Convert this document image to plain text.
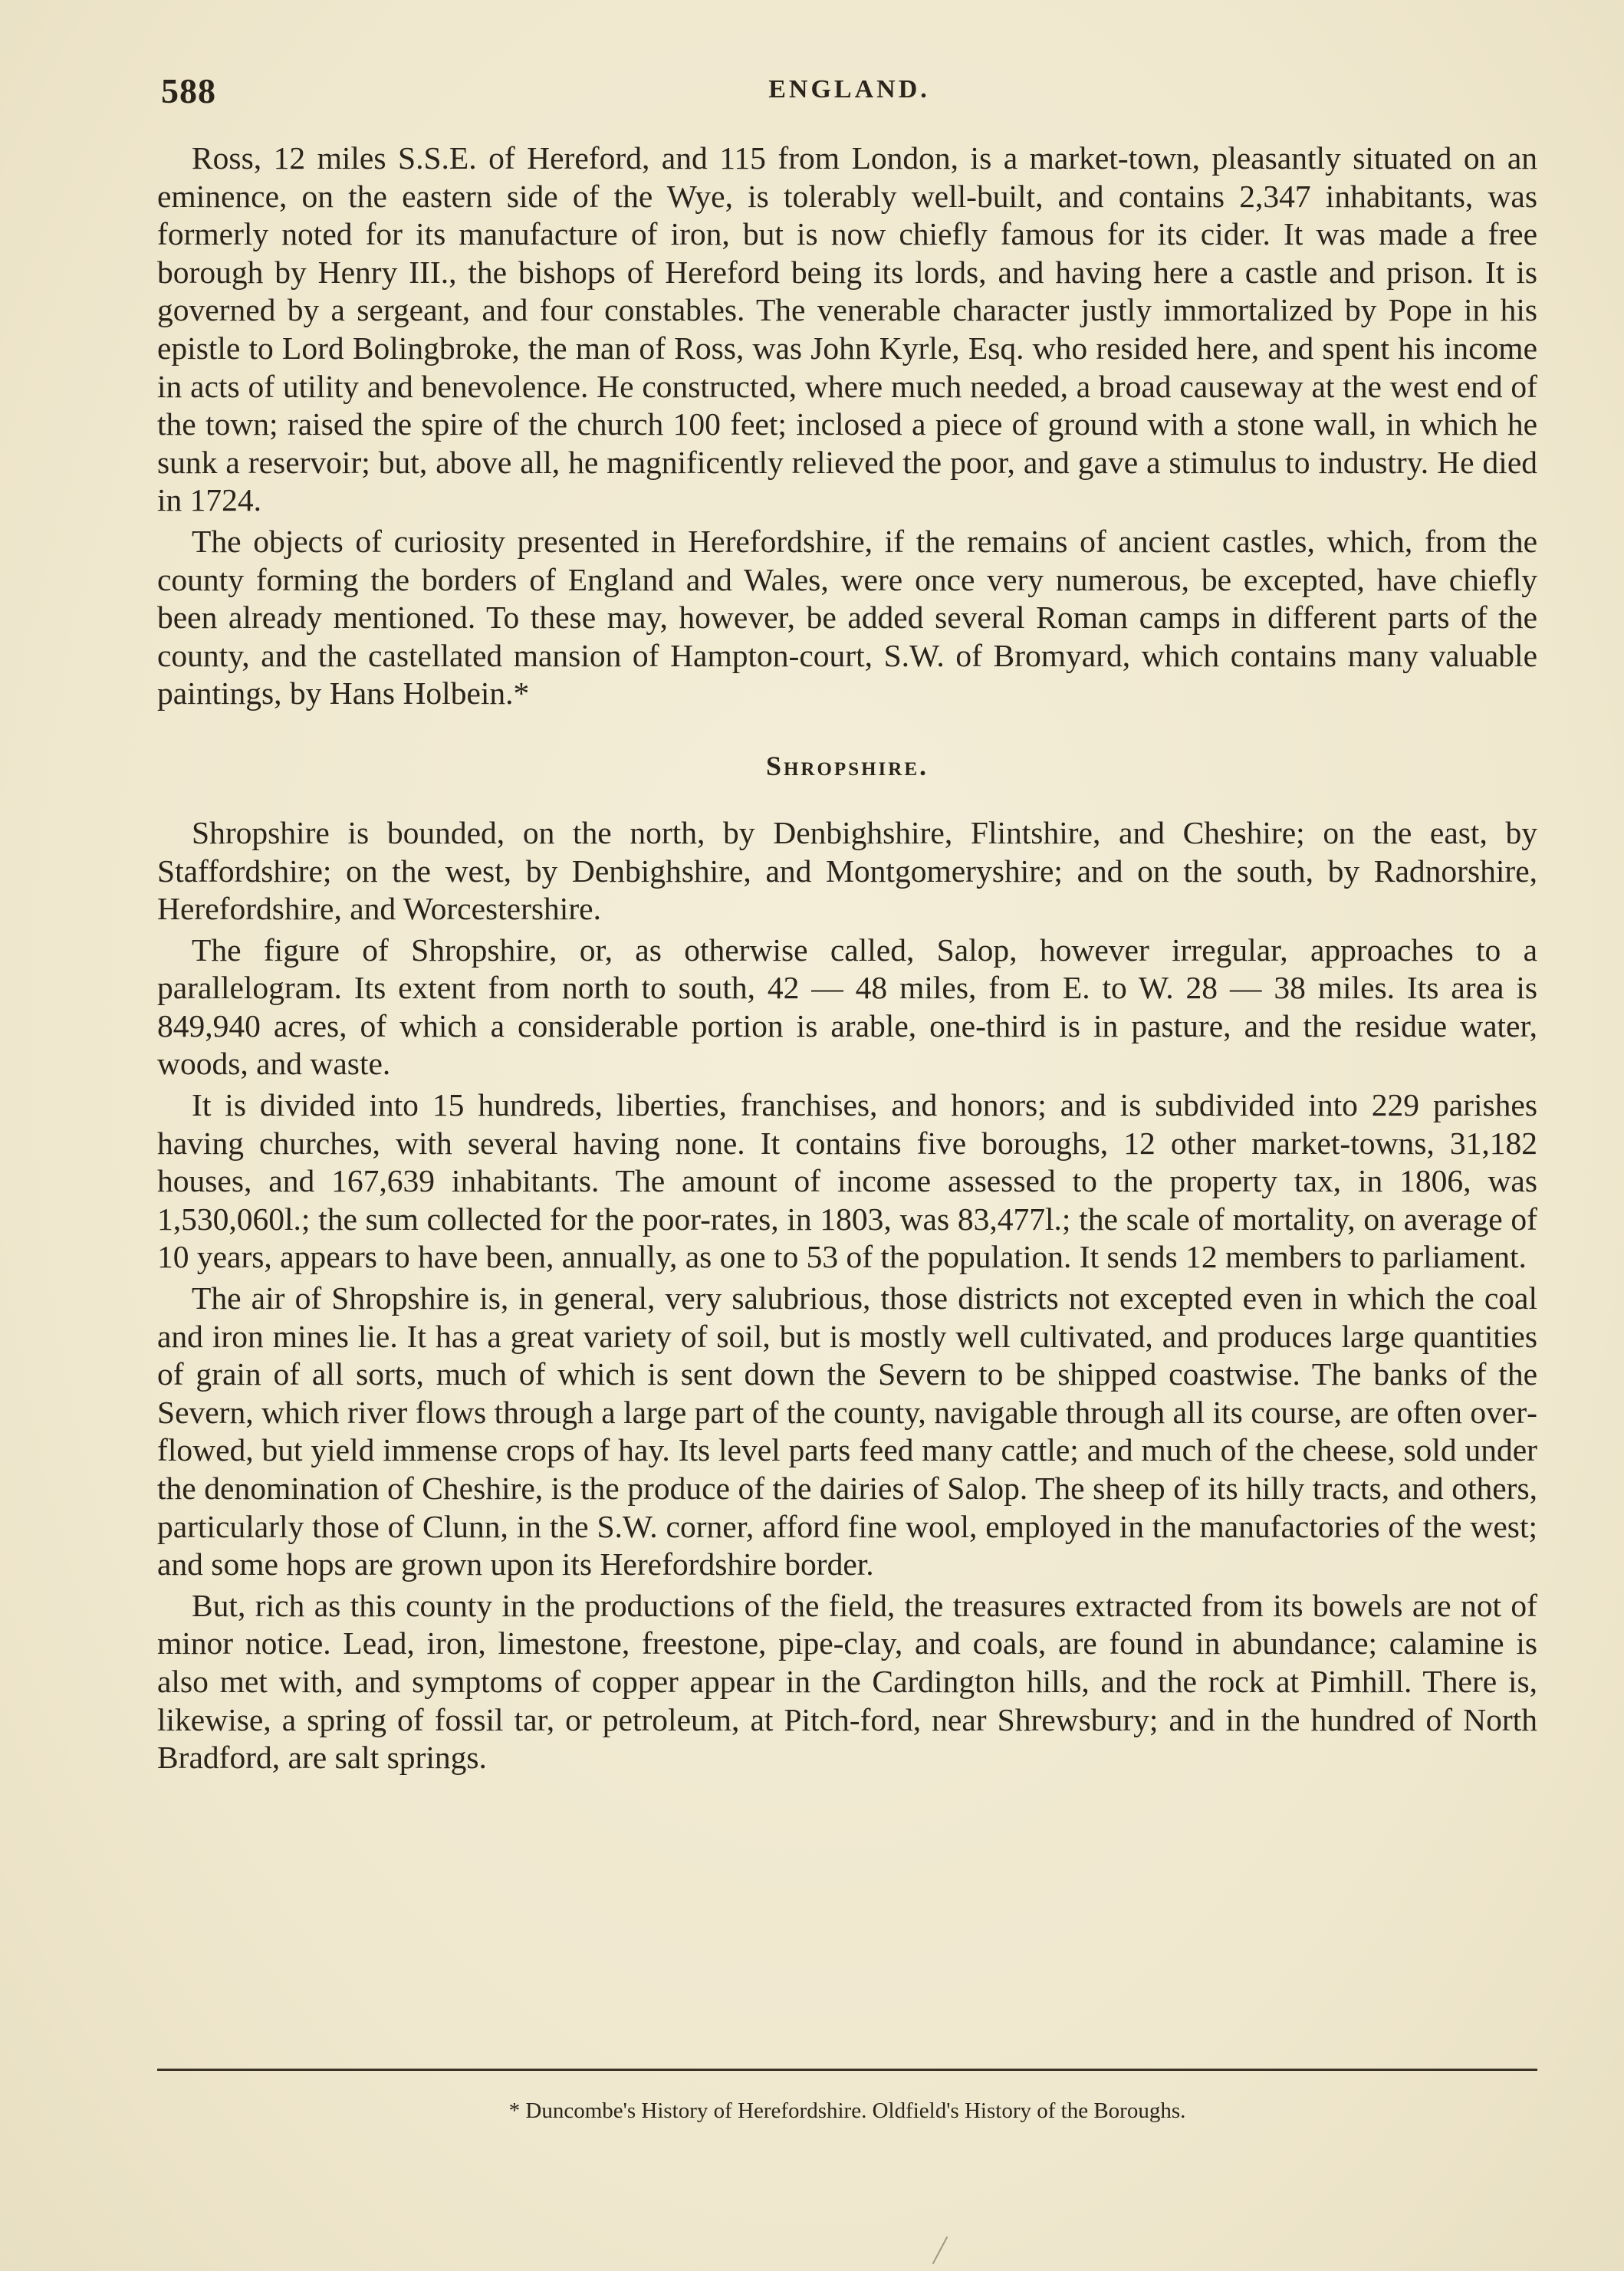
588	ENGLAND.

Ross, 12 miles S.S.E. of Hereford, and 115 from London, is a market-town, pleasantly situated on an eminence, on the eastern side of the Wye, is tolerably well-built, and contains 2,347 inhabitants, was formerly noted for its manufacture of iron, but is now chiefly famous for its cider. It was made a free borough by Henry III., the bishops of Hereford being its lords, and having here a castle and prison. It is governed by a sergeant, and four constables. The venerable character justly immortalized by Pope in his epistle to Lord Bolingbroke, the man of Ross, was John Kyrle, Esq. who resided here, and spent his income in acts of utility and benevolence. He constructed, where much needed, a broad causeway at the west end of the town; raised the spire of the church 100 feet; inclosed a piece of ground with a stone wall, in which he sunk a reservoir; but, above all, he magnificently relieved the poor, and gave a stimulus to industry. He died in 1724.

The objects of curiosity presented in Herefordshire, if the remains of ancient castles, which, from the county forming the borders of England and Wales, were once very numerous, be excepted, have chiefly been already mentioned. To these may, however, be added several Roman camps in different parts of the county, and the castellated mansion of Hampton-court, S.W. of Bromyard, which contains many valuable paintings, by Hans Holbein.*

Shropshire.

Shropshire is bounded, on the north, by Denbighshire, Flintshire, and Cheshire; on the east, by Staffordshire; on the west, by Denbighshire, and Montgomeryshire; and on the south, by Radnorshire, Herefordshire, and Worcestershire.

The figure of Shropshire, or, as otherwise called, Salop, however irregular, approaches to a parallelogram. Its extent from north to south, 42 — 48 miles, from E. to W. 28 — 38 miles. Its area is 849,940 acres, of which a considerable portion is arable, one-third is in pasture, and the residue water, woods, and waste.

It is divided into 15 hundreds, liberties, franchises, and honors; and is subdivided into 229 parishes having churches, with several having none. It contains five boroughs, 12 other market-towns, 31,182 houses, and 167,639 inhabitants. The amount of income assessed to the property tax, in 1806, was 1,530,060l.; the sum collected for the poor-rates, in 1803, was 83,477l.; the scale of mortality, on average of 10 years, appears to have been, annually, as one to 53 of the population. It sends 12 members to parliament.

The air of Shropshire is, in general, very salubrious, those districts not excepted even in which the coal and iron mines lie. It has a great variety of soil, but is mostly well cultivated, and produces large quantities of grain of all sorts, much of which is sent down the Severn to be shipped coastwise. The banks of the Severn, which river flows through a large part of the county, navigable through all its course, are often overflowed, but yield immense crops of hay. Its level parts feed many cattle; and much of the cheese, sold under the denomination of Cheshire, is the produce of the dairies of Salop. The sheep of its hilly tracts, and others, particularly those of Clunn, in the S.W. corner, afford fine wool, employed in the manufactories of the west; and some hops are grown upon its Herefordshire border.

But, rich as this county in the productions of the field, the treasures extracted from its bowels are not of minor notice. Lead, iron, limestone, freestone, pipe-clay, and coals, are found in abundance; calamine is also met with, and symptoms of copper appear in the Cardington hills, and the rock at Pimhill. There is, likewise, a spring of fossil tar, or petroleum, at Pitch-ford, near Shrewsbury; and in the hundred of North Bradford, are salt springs.

* Duncombe's History of Herefordshire. Oldfield's History of the Boroughs.
